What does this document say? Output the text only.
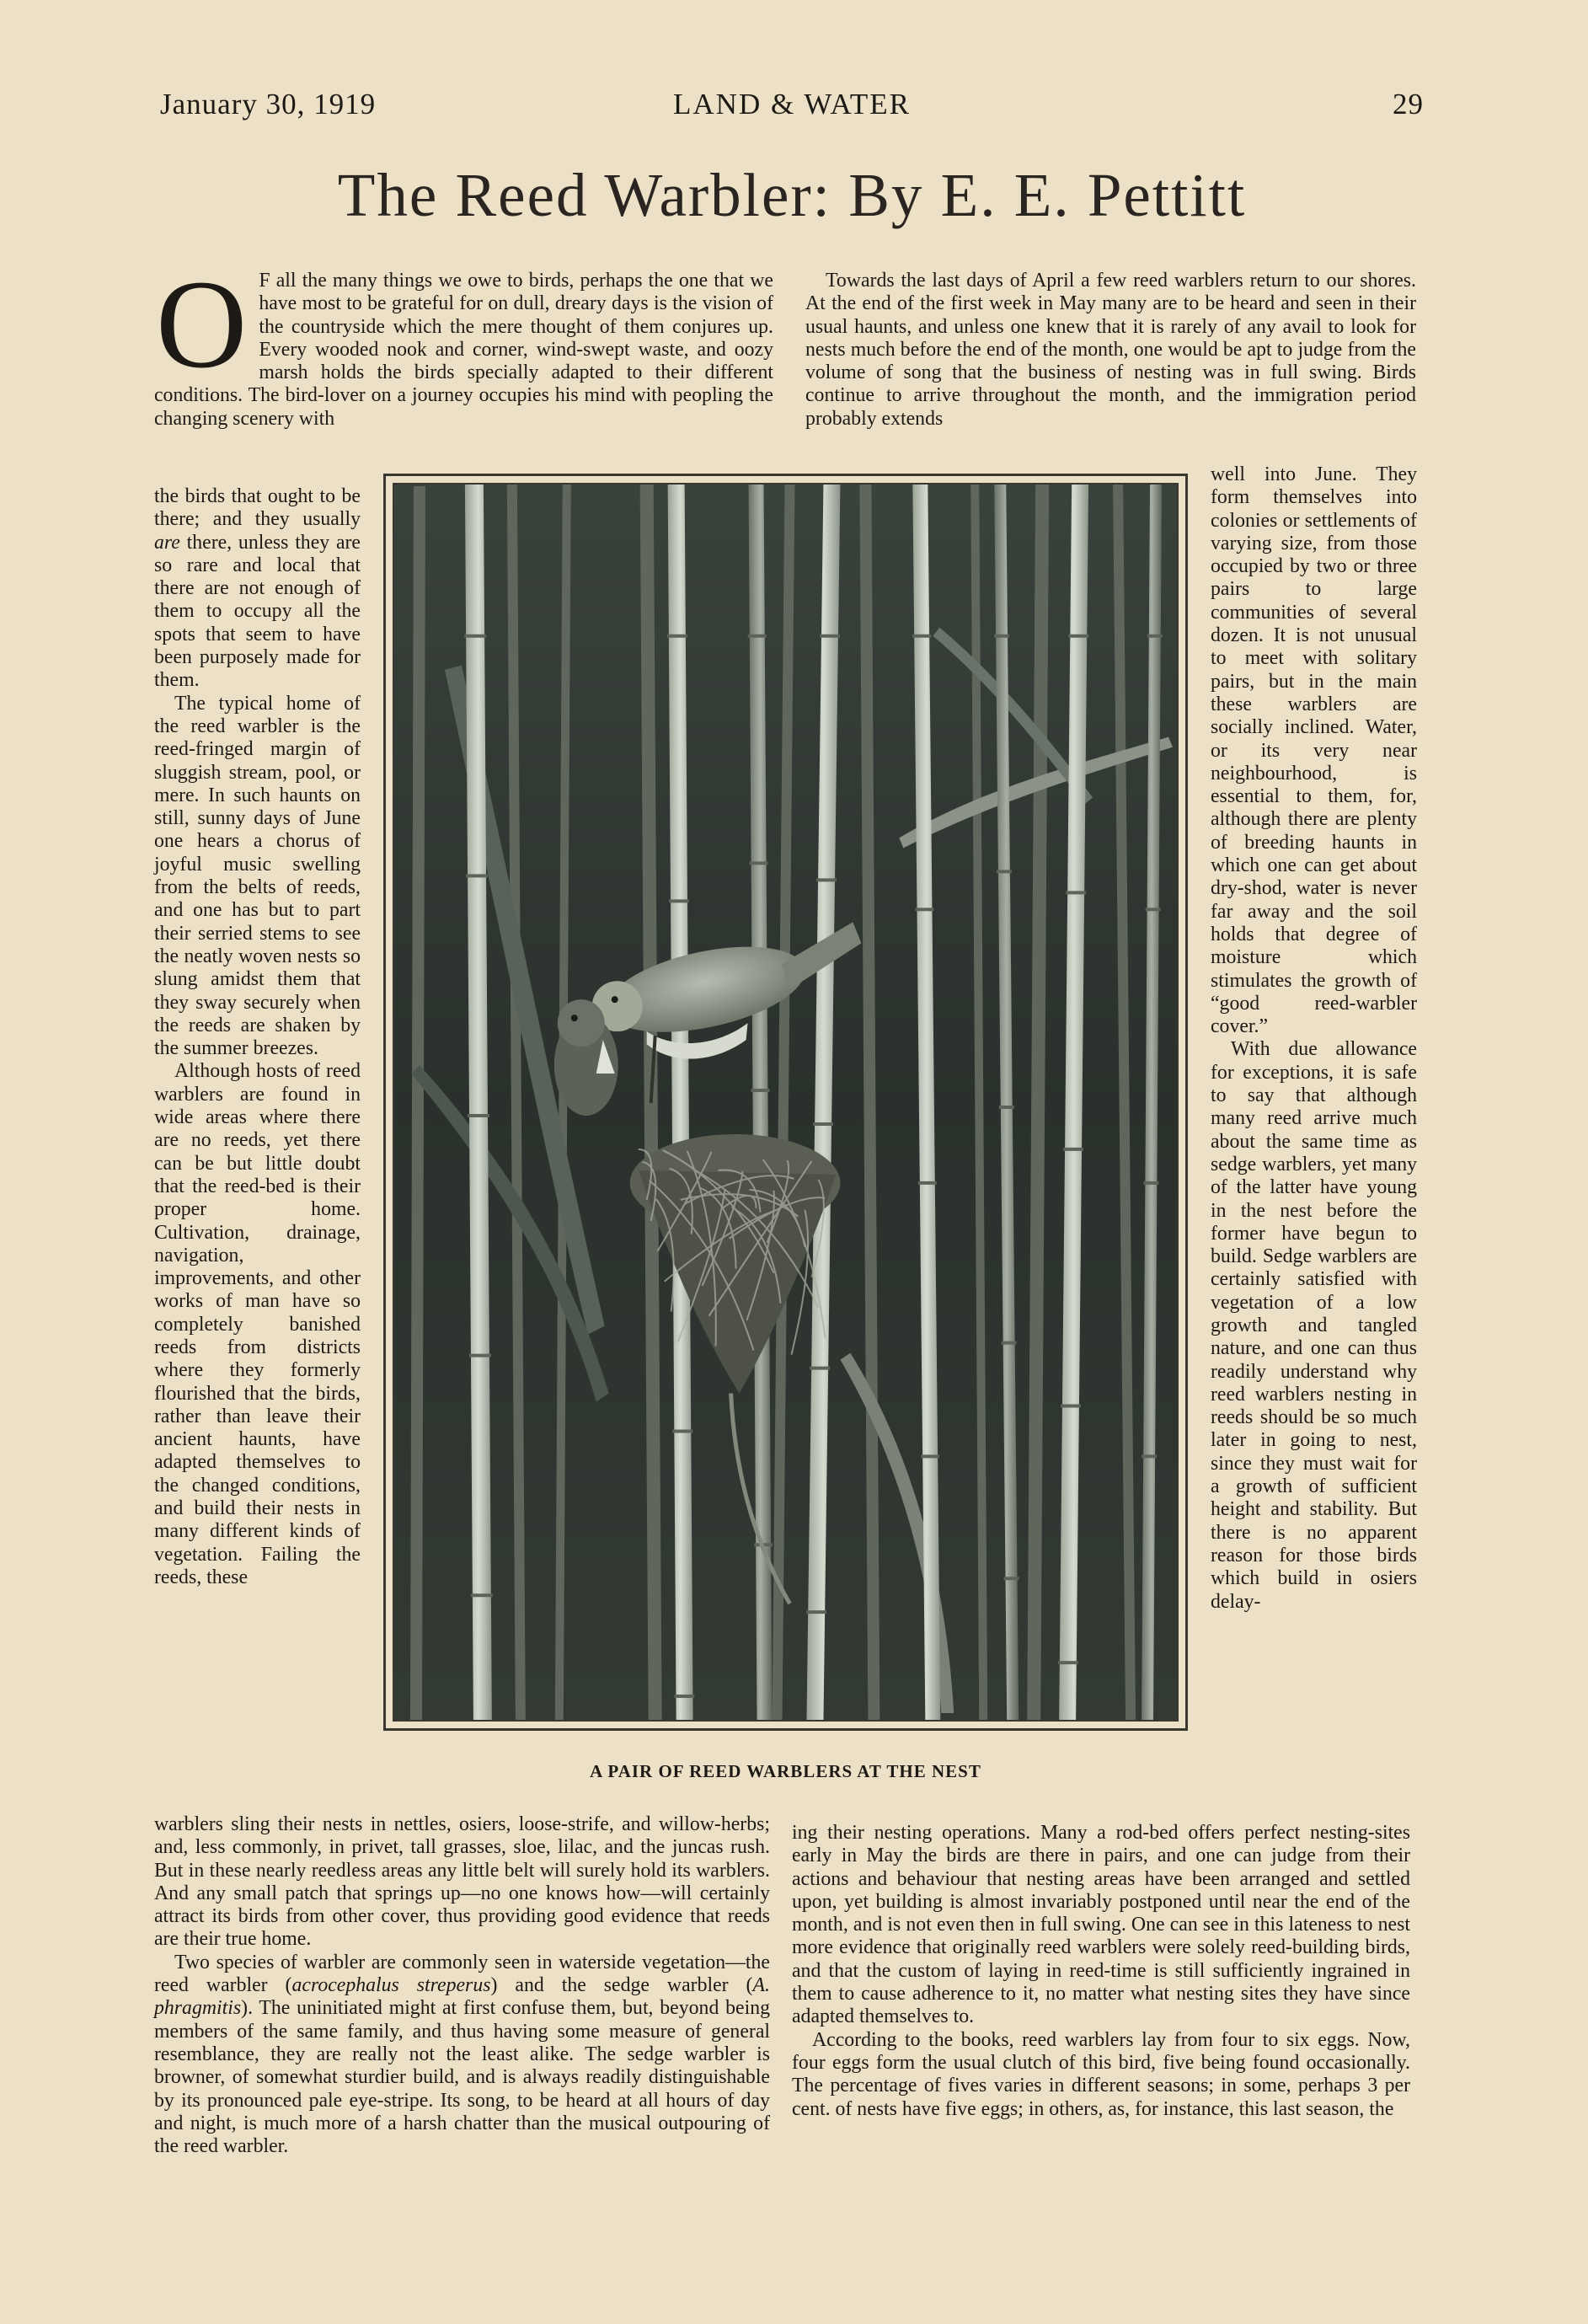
January 30, 1919	LAND & WATER	29
The Reed Warbler: By E. E. Pettitt
O F all the many things we owe to birds, perhaps the one that we have most to be grateful for on dull, dreary days is the vision of the countryside which the mere thought of them conjures up. Every wooded nook and corner, wind-swept waste, and oozy marsh holds the birds specially adapted to their different conditions. The bird-lover on a journey occupies his mind with peopling the changing scenery with

the birds that ought to be there; and they usually are there, unless they are so rare and local that there are not enough of them to occupy all the spots that seem to have been purposely made for them.

The typical home of the reed warbler is the reed-fringed margin of sluggish stream, pool, or mere. In such haunts on still, sunny days of June one hears a chorus of joyful music swelling from the belts of reeds, and one has but to part their serried stems to see the neatly woven nests so slung amidst them that they sway securely when the reeds are shaken by the summer breezes.

Although hosts of reed warblers are found in wide areas where there are no reeds, yet there can be but little doubt that the reed-bed is their proper home. Cultivation, drainage, navigation, improvements, and other works of man have so completely banished reeds from districts where they formerly flourished that the birds, rather than leave their ancient haunts, have adapted themselves to the changed conditions, and build their nests in many different kinds of vegetation. Failing the reeds, these

warblers sling their nests in nettles, osiers, loose-strife, and willow-herbs; and, less commonly, in privet, tall grasses, sloe, lilac, and the juncas rush. But in these nearly reedless areas any little belt will surely hold its warblers. And any small patch that springs up—no one knows how—will certainly attract its birds from other cover, thus providing good evidence that reeds are their true home.

Two species of warbler are commonly seen in waterside vegetation—the reed warbler (acrocephalus streperus) and the sedge warbler (A. phragmitis). The uninitiated might at first confuse them, but, beyond being members of the same family, and thus having some measure of general resemblance, they are really not the least alike. The sedge warbler is browner, of somewhat sturdier build, and is always readily distinguishable by its pronounced pale eye-stripe. Its song, to be heard at all hours of day and night, is much more of a harsh chatter than the musical outpouring of the reed warbler.

Towards the last days of April a few reed warblers return to our shores. At the end of the first week in May many are to be heard and seen in their usual haunts, and unless one knew that it is rarely of any avail to look for nests much before the end of the month, one would be apt to judge from the volume of song that the business of nesting was in full swing. Birds continue to arrive throughout the month, and the immigration period probably extends

well into June. They form themselves into colonies or settlements of varying size, from those occupied by two or three pairs to large communities of several dozen. It is not unusual to meet with solitary pairs, but in the main these warblers are socially inclined. Water, or its very near neighbourhood, is essential to them, for, although there are plenty of breeding haunts in which one can get about dry-shod, water is never far away and the soil holds that degree of moisture which stimulates the growth of “good reed-warbler cover.”

With due allowance for exceptions, it is safe to say that although many reed arrive much about the same time as sedge warblers, yet many of the latter have young in the nest before the former have begun to build. Sedge warblers are certainly satisfied with vegetation of a low growth and tangled nature, and one can thus readily understand why reed warblers nesting in reeds should be so much later in going to nest, since they must wait for a growth of sufficient height and stability. But there is no apparent reason for those birds which build in osiers delay-

ing their nesting operations. Many a rod-bed offers perfect nesting-sites early in May the birds are there in pairs, and one can judge from their actions and behaviour that nesting areas have been arranged and settled upon, yet building is almost invariably postponed until near the end of the month, and is not even then in full swing. One can see in this lateness to nest more evidence that originally reed warblers were solely reed-building birds, and that the custom of laying in reed-time is still sufficiently ingrained in them to cause adherence to it, no matter what nesting sites they have since adapted themselves to.

According to the books, reed warblers lay from four to six eggs. Now, four eggs form the usual clutch of this bird, five being found occasionally. The percentage of fives varies in different seasons; in some, perhaps 3 per cent. of nests have five eggs; in others, as, for instance, this last season, the

A PAIR OF REED WARBLERS AT THE NEST
